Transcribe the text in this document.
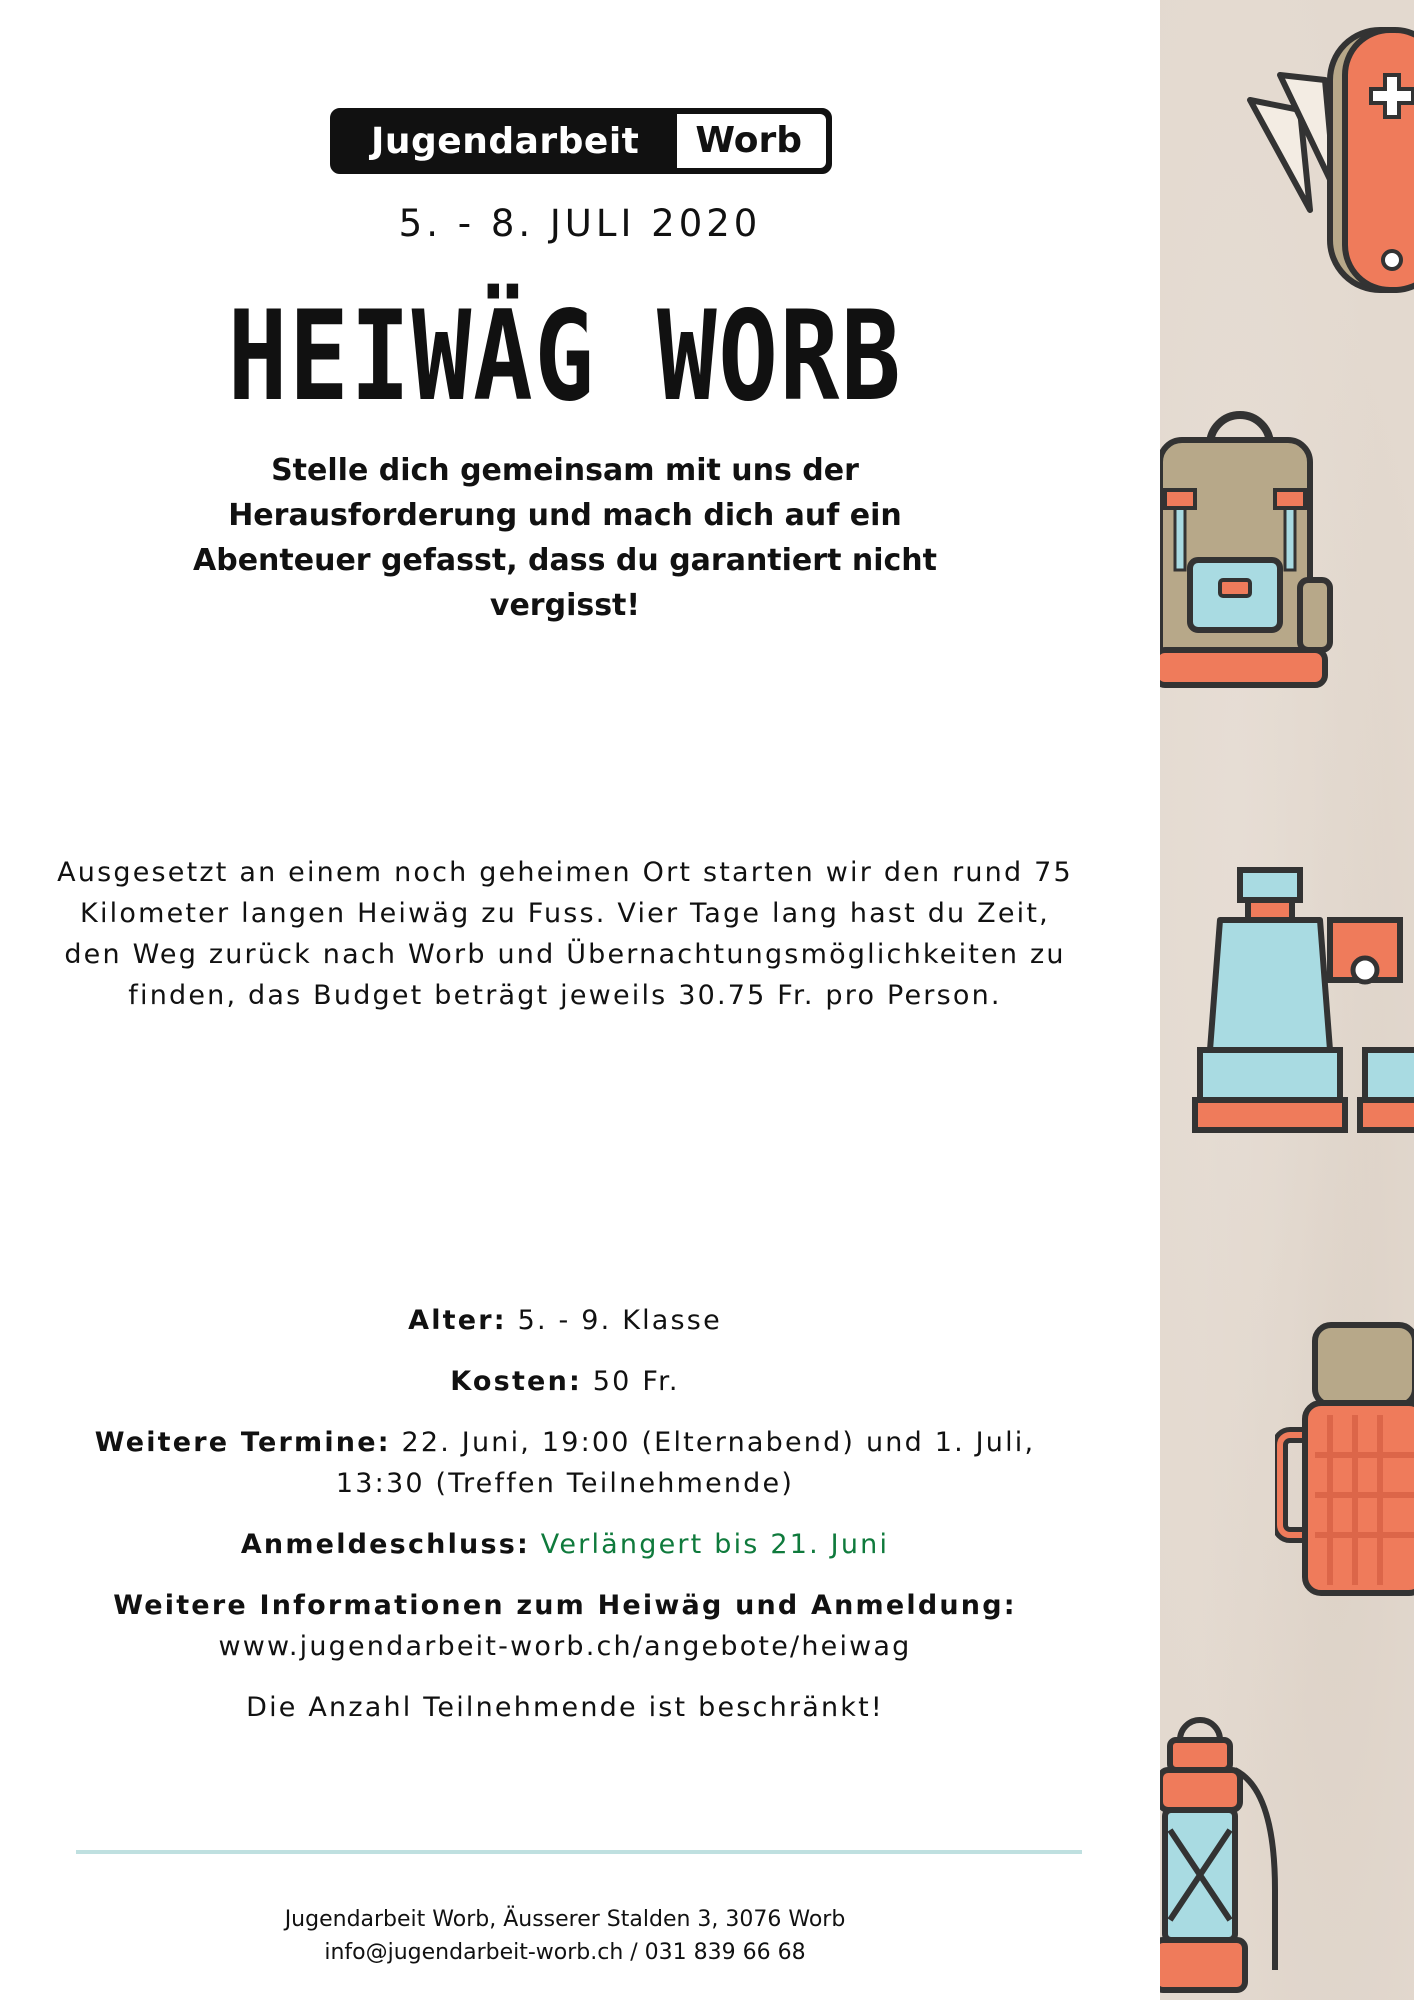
Jugendarbeit	Worb
5. - 8. JULI 2020
HEIWÄG WORB
Stelle dich gemeinsam mit uns der Herausforderung und mach dich auf ein Abenteuer gefasst, dass du garantiert nicht vergisst!
Ausgesetzt an einem noch geheimen Ort starten wir den rund 75 Kilometer langen Heiwäg zu Fuss. Vier Tage lang hast du Zeit, den Weg zurück nach Worb und Übernachtungsmöglichkeiten zu finden, das Budget beträgt jeweils 30.75 Fr. pro Person.

Alter: 5. - 9. Klasse

Kosten: 50 Fr.

Weitere Termine: 22. Juni, 19:00 (Elternabend) und 1. Juli, 13:30 (Treffen Teilnehmende)

Anmeldeschluss: Verlängert bis 21. Juni

Weitere Informationen zum Heiwäg und Anmeldung:
www.jugendarbeit-worb.ch/angebote/heiwag

Die Anzahl Teilnehmende ist beschränkt!

Jugendarbeit Worb, Äusserer Stalden 3, 3076 Worb
info@jugendarbeit-worb.ch / 031 839 66 68
